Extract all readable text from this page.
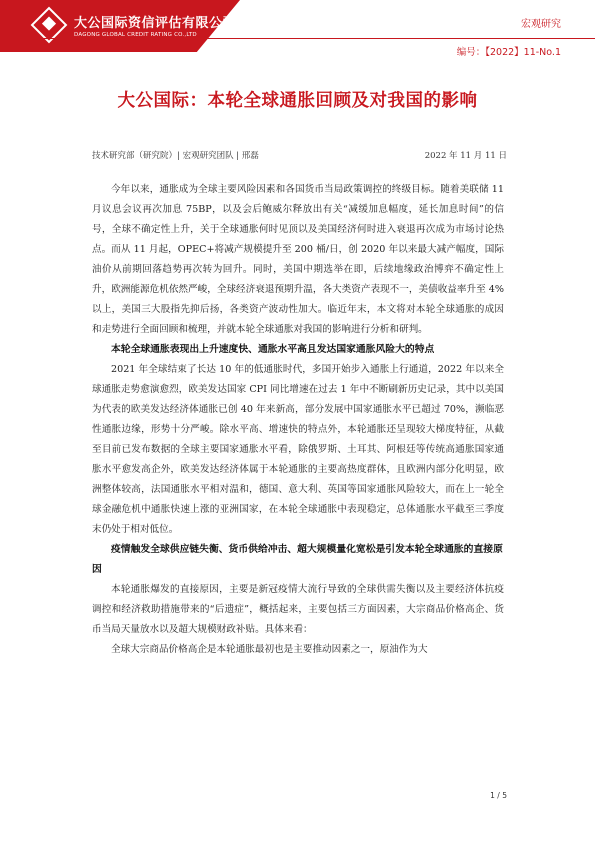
大公国际资信评估有限公司
DAGONG GLOBAL CREDIT RATING CO.,LTD
宏观研究
编号：【2022】11-No.1
大公国际：本轮全球通胀回顾及对我国的影响
技术研究部（研究院）| 宏观研究团队 | 邢磊	2022 年 11 月 11 日

今年以来，通胀成为全球主要风险因素和各国货币当局政策调控的终级目标。随着美联储 11 月议息会议再次加息 75BP，以及会后鲍威尔释放出有关“减缓加息幅度，延长加息时间”的信号，全球不确定性上升，关于全球通胀何时见顶以及美国经济何时进入衰退再次成为市场讨论热点。而从 11 月起，OPEC+将减产规模提升至 200 桶/日，创 2020 年以来最大减产幅度，国际油价从前期回落趋势再次转为回升。同时，美国中期选举在即，后续地缘政治博弈不确定性上升，欧洲能源危机依然严峻，全球经济衰退预期升温，各大类资产表现不一，美债收益率升至 4%以上，美国三大股指先抑后扬，各类资产波动性加大。临近年末，本文将对本轮全球通胀的成因和走势进行全面回顾和梳理，并就本轮全球通胀对我国的影响进行分析和研判。

本轮全球通胀表现出上升速度快、通胀水平高且发达国家通胀风险大的特点

2021 年全球结束了长达 10 年的低通胀时代，多国开始步入通胀上行通道，2022 年以来全球通胀走势愈演愈烈，欧美发达国家 CPI 同比增速在过去 1 年中不断刷新历史记录，其中以美国为代表的欧美发达经济体通胀已创 40 年来新高，部分发展中国家通胀水平已超过 70%，濒临恶性通胀边缘，形势十分严峻。除水平高、增速快的特点外，本轮通胀还呈现较大梯度特征，从截至目前已发布数据的全球主要国家通胀水平看，除俄罗斯、土耳其、阿根廷等传统高通胀国家通胀水平愈发高企外，欧美发达经济体属于本轮通胀的主要高热度群体，且欧洲内部分化明显，欧洲整体较高，法国通胀水平相对温和，德国、意大利、英国等国家通胀风险较大，而在上一轮全球金融危机中通胀快速上涨的亚洲国家，在本轮全球通胀中表现稳定，总体通胀水平截至三季度末仍处于相对低位。

疫情触发全球供应链失衡、货币供给冲击、超大规模量化宽松是引发本轮全球通胀的直接原因

本轮通胀爆发的直接原因，主要是新冠疫情大流行导致的全球供需失衡以及主要经济体抗疫调控和经济救助措施带来的“后遗症”，概括起来，主要包括三方面因素，大宗商品价格高企、货币当局天量放水以及超大规模财政补贴。具体来看：

全球大宗商品价格高企是本轮通胀最初也是主要推动因素之一，原油作为大

1 / 5
